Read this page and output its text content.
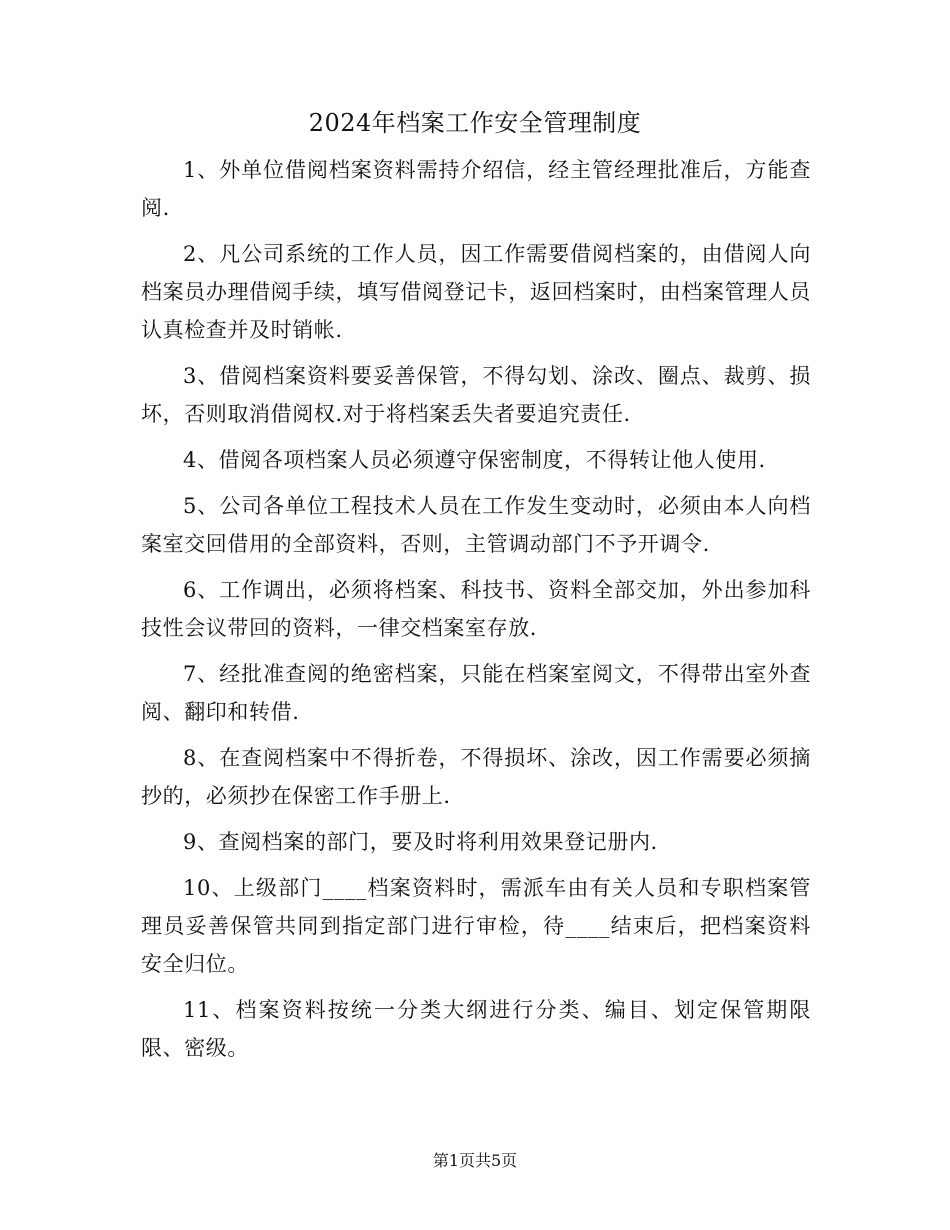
2024年档案工作安全管理制度

1、外单位借阅档案资料需持介绍信，经主管经理批准后，方能查阅.

2、凡公司系统的工作人员，因工作需要借阅档案的，由借阅人向档案员办理借阅手续，填写借阅登记卡，返回档案时，由档案管理人员认真检查并及时销帐.

3、借阅档案资料要妥善保管，不得勾划、涂改、圈点、裁剪、损坏，否则取消借阅权.对于将档案丢失者要追究责任.

4、借阅各项档案人员必须遵守保密制度，不得转让他人使用.

5、公司各单位工程技术人员在工作发生变动时，必须由本人向档案室交回借用的全部资料，否则，主管调动部门不予开调令.

6、工作调出，必须将档案、科技书、资料全部交加，外出参加科技性会议带回的资料，一律交档案室存放.

7、经批准查阅的绝密档案，只能在档案室阅文，不得带出室外查阅、翻印和转借.

8、在查阅档案中不得折卷，不得损坏、涂改，因工作需要必须摘抄的，必须抄在保密工作手册上.

9、查阅档案的部门，要及时将利用效果登记册内.

10、上级部门____档案资料时，需派车由有关人员和专职档案管理员妥善保管共同到指定部门进行审检，待____结束后，把档案资料安全归位。

11、档案资料按统一分类大纲进行分类、编目、划定保管期限限、密级。

第1页共5页
